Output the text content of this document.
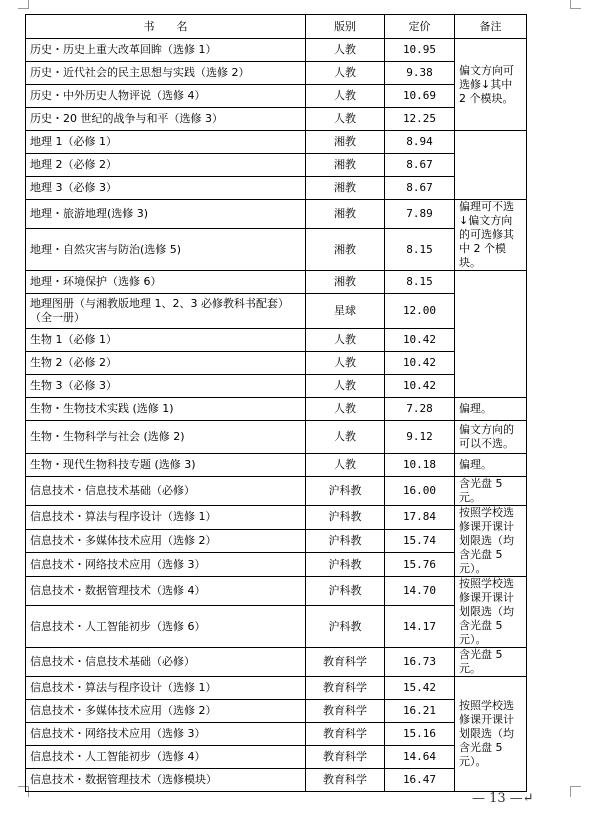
书　　名	版别	定价	备注
历史・历史上重大改革回眸（选修 1）	人教	10.95	偏文方向可选修↓其中 2 个模块。
历史・近代社会的民主思想与实践（选修 2）	人教	9.38	
历史・中外历史人物评说（选修 4）	人教	10.69	
历史・20 世纪的战争与和平（选修 3）	人教	12.25	
地理 1（必修 1）	湘教	8.94	
地理 2（必修 2）	湘教	8.67	
地理 3（必修 3）	湘教	8.67	
地理・旅游地理(选修 3)	湘教	7.89	偏理可不选↓偏文方向的可选修其中 2 个模块。
地理・自然灾害与防治(选修 5)	湘教	8.15	
地理・环境保护（选修 6）	湘教	8.15	
地理图册（与湘教版地理 1、2、3 必修教科书配套）（全一册）	星球	12.00	
生物 1（必修 1）	人教	10.42	
生物 2（必修 2）	人教	10.42	
生物 3（必修 3）	人教	10.42	
生物・生物技术实践 (选修 1)	人教	7.28	偏理。
生物・生物科学与社会 (选修 2)	人教	9.12	偏文方向的可以不选。
生物・现代生物科技专题 (选修 3)	人教	10.18	偏理。
信息技术・信息技术基础（必修）	沪科教	16.00	含光盘 5 元。
信息技术・算法与程序设计（选修 1）	沪科教	17.84	按照学校选修课开课计划限选（均含光盘 5 元）。
信息技术・多媒体技术应用（选修 2）	沪科教	15.74	
信息技术・网络技术应用（选修 3）	沪科教	15.76	
信息技术・数据管理技术（选修 4）	沪科教	14.70	按照学校选修课开课计划限选（均含光盘 5 元）。
信息技术・人工智能初步（选修 6）	沪科教	14.17	
信息技术・信息技术基础（必修）	教育科学	16.73	含光盘 5 元。
信息技术・算法与程序设计（选修 1）	教育科学	15.42	按照学校选修课开课计划限选（均含光盘 5 元）。
信息技术・多媒体技术应用（选修 2）	教育科学	16.21	
信息技术・网络技术应用（选修 3）	教育科学	15.16	
信息技术・人工智能初步（选修 4）	教育科学	14.64	
信息技术・数据管理技术（选修模块）	教育科学	16.47	
— 13 —↵
